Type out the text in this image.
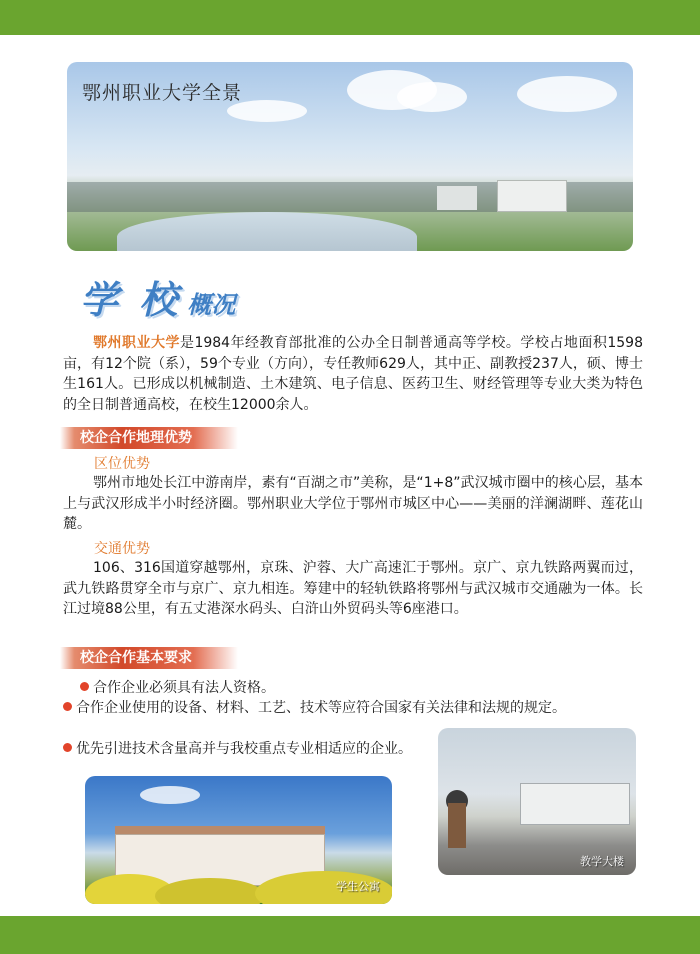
鄂州职业大学全景
学 校 概况
鄂州职业大学是1984年经教育部批准的公办全日制普通高等学校。学校占地面积1598亩，有12个院（系），59个专业（方向），专任教师629人，其中正、副教授237人，硕、博士生161人。已形成以机械制造、土木建筑、电子信息、医药卫生、财经管理等专业大类为特色的全日制普通高校，在校生12000余人。
校企合作地理优势
区位优势
鄂州市地处长江中游南岸，素有“百湖之市”美称，是“1+8”武汉城市圈中的核心层，基本上与武汉形成半小时经济圈。鄂州职业大学位于鄂州市城区中心——美丽的洋澜湖畔、莲花山麓。
交通优势
106、316国道穿越鄂州，京珠、沪蓉、大广高速汇于鄂州。京广、京九铁路两翼而过，武九铁路贯穿全市与京广、京九相连。筹建中的轻轨铁路将鄂州与武汉城市交通融为一体。长江过境88公里，有五丈港深水码头、白浒山外贸码头等6座港口。
校企合作基本要求
合作企业必须具有法人资格。
合作企业使用的设备、材料、工艺、技术等应符合国家有关法律和法规的规定。
优先引进技术含量高并与我校重点专业相适应的企业。
学生公寓
教学大楼
